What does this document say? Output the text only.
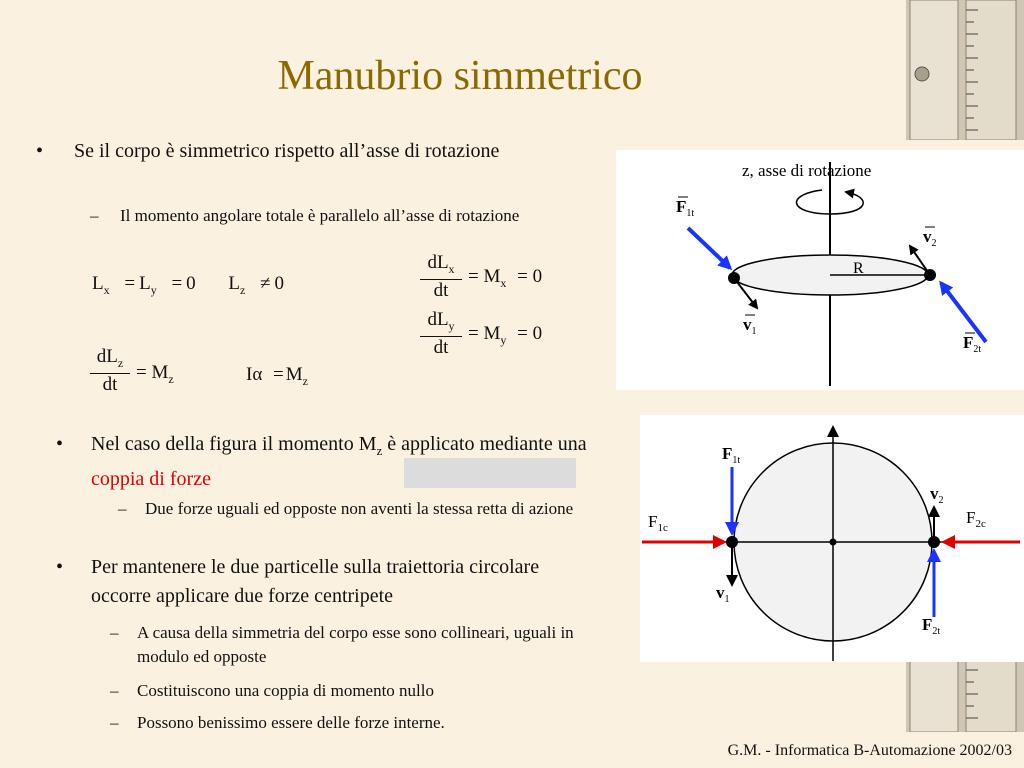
Manubrio simmetrico
• Se il corpo è simmetrico rispetto all’asse di rotazione
– Il momento angolare totale è parallelo all’asse di rotazione
$L_x = L_y = 0$ $L_z \ne 0$
$dL_z$
dt
= $M_z$	$I\alpha = M_z$
$dL_x$
dt
= $M_x = 0$
$dL_y$
dt
= $M_y = 0$
• Nel caso della figura il momento $M_z$ è applicato mediante una coppia di forze
– Due forze uguali ed opposte non aventi la stessa retta di azione
• Per mantenere le due particelle sulla traiettoria circolare occorre applicare due forze centripete
– A causa della simmetria del corpo esse sono collineari, uguali in modulo ed opposte
– Costituiscono una coppia di momento nullo
– Possono benissimo essere delle forze interne.
z, asse di rotazione
R
$F_{1t}$
$F_{2t}$
$v_1$
$v_2$
$F_{1t}$
$F_{2t}$
$F_{1c}$
$F_{2c}$
$v_1$
$v_2$
G.M. - Informatica B-Automazione 2002/03
